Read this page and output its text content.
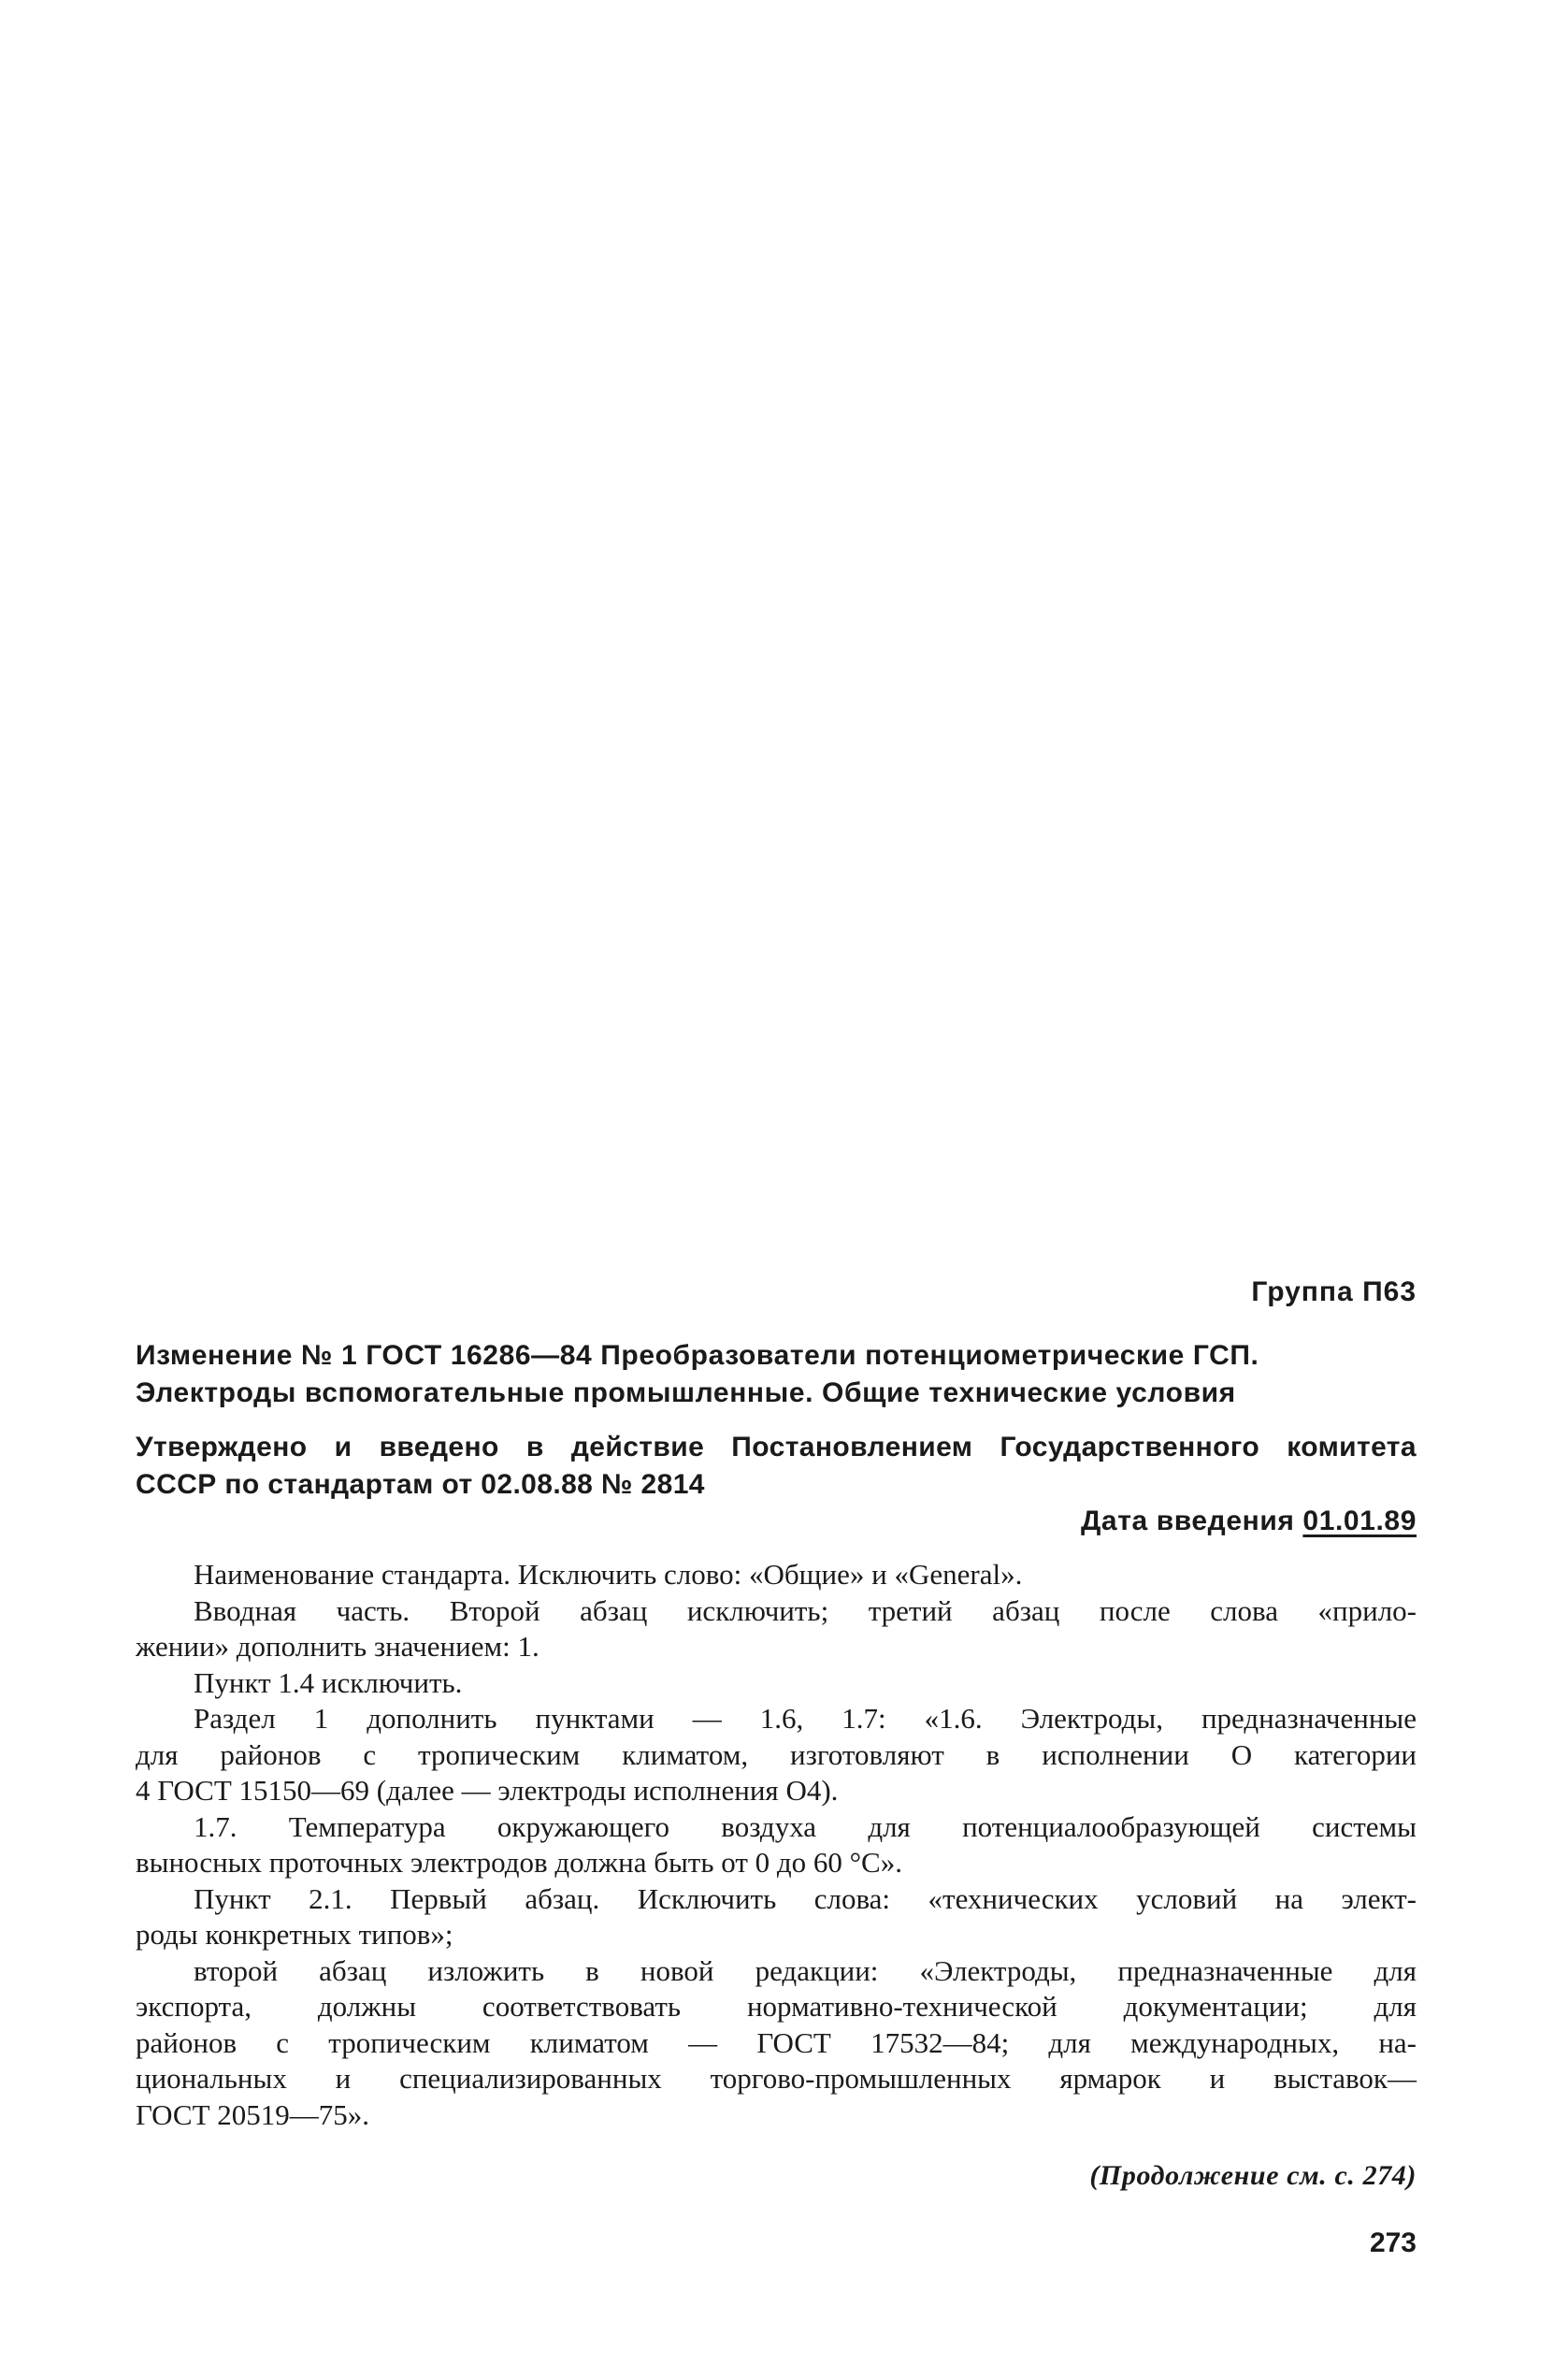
Группа П63
Изменение № 1 ГОСТ 16286—84 Преобразователи потенциометрические ГСП.
Электроды вспомогательные промышленные. Общие технические условия
Утверждено и введено в действие Постановлением Государственного комитета
СССР по стандартам от 02.08.88 № 2814
Дата введения 01.01.89
Наименование стандарта. Исключить слово: «Общие» и «General».
Вводная часть. Второй абзац исключить; третий абзац после слова «прило-
жении» дополнить значением: 1.
Пункт 1.4 исключить.
Раздел 1 дополнить пунктами — 1.6, 1.7: «1.6. Электроды, предназначенные
для районов с тропическим климатом, изготовляют в исполнении О категории
4 ГОСТ 15150—69 (далее — электроды исполнения О4).
1.7. Температура окружающего воздуха для потенциалообразующей системы
выносных проточных электродов должна быть от 0 до 60 °С».
Пункт 2.1. Первый абзац. Исключить слова: «технических условий на элект-
роды конкретных типов»;
второй абзац изложить в новой редакции: «Электроды, предназначенные для
экспорта, должны соответствовать нормативно-технической документации; для
районов с тропическим климатом — ГОСТ 17532—84; для международных, на-
циональных и специализированных торгово-промышленных ярмарок и выставок—
ГОСТ 20519—75».
(Продолжение см. с. 274)
273
